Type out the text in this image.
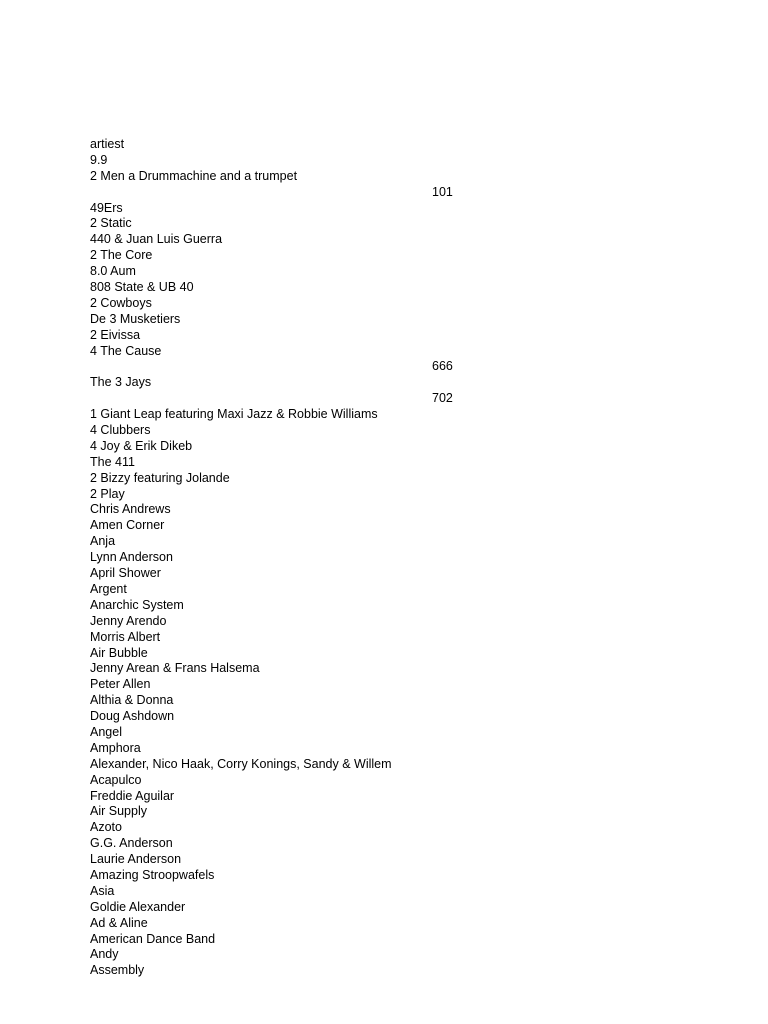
artiest
9.9
2 Men a Drummachine and a trumpet
101
49Ers
2 Static
440 & Juan Luis Guerra
2 The Core
8.0 Aum
808 State & UB 40
2 Cowboys
De 3 Musketiers
2 Eivissa
4 The Cause
666
The 3 Jays
702
1 Giant Leap featuring Maxi Jazz & Robbie Williams
4 Clubbers
4 Joy & Erik Dikeb
The 411
2 Bizzy featuring Jolande
2 Play
Chris Andrews
Amen Corner
Anja
Lynn Anderson
April Shower
Argent
Anarchic System
Jenny Arendo
Morris Albert
Air Bubble
Jenny Arean & Frans Halsema
Peter Allen
Althia & Donna
Doug Ashdown
Angel
Amphora
Alexander, Nico Haak, Corry Konings, Sandy & Willem
Acapulco
Freddie Aguilar
Air Supply
Azoto
G.G. Anderson
Laurie Anderson
Amazing Stroopwafels
Asia
Goldie Alexander
Ad & Aline
American Dance Band
Andy
Assembly
